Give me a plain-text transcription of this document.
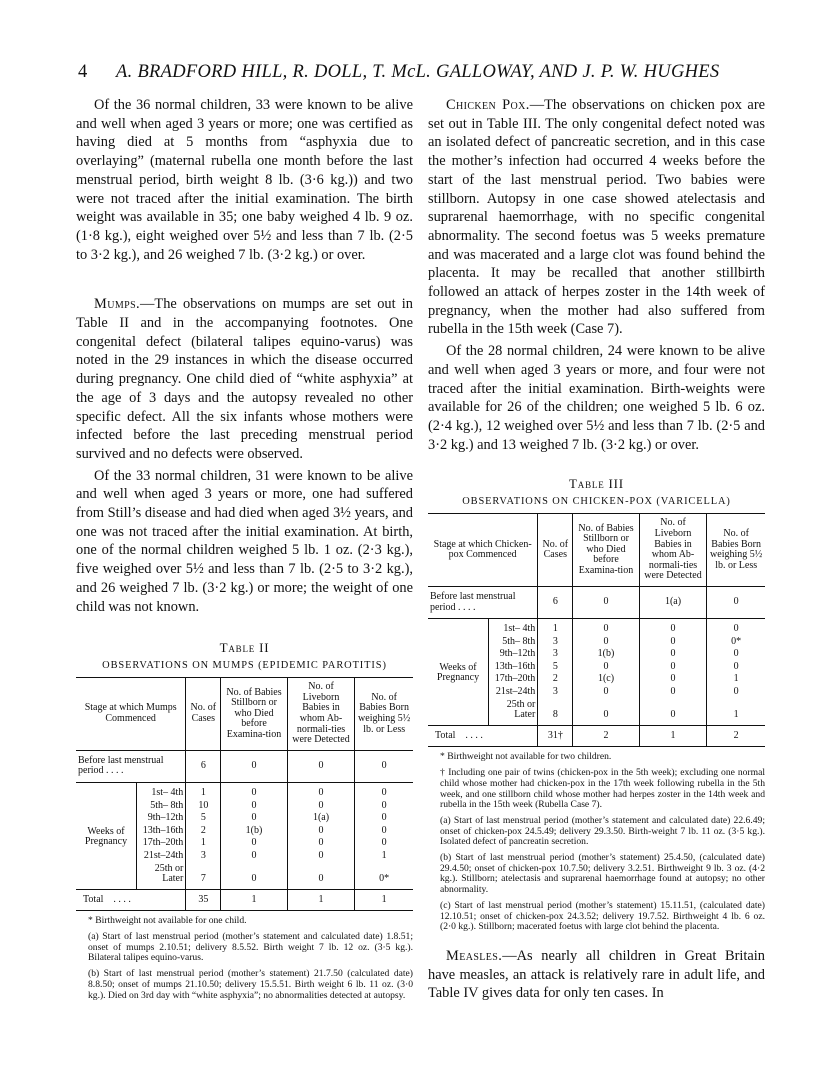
4 A. BRADFORD HILL, R. DOLL, T. McL. GALLOWAY, AND J. P. W. HUGHES

Of the 36 normal children, 33 were known to be alive and well when aged 3 years or more; one was certified as having died at 5 months from “asphyxia due to overlaying” (maternal rubella one month before the last menstrual period, birth weight 8 lb. (3·6 kg.)) and two were not traced after the initial examination. The birth weight was available in 35; one baby weighed 4 lb. 9 oz. (1·8 kg.), eight weighed over 5½ and less than 7 lb. (2·5 to 3·2 kg.), and 26 weighed 7 lb. (3·2 kg.) or over.

Mumps.—The observations on mumps are set out in Table II and in the accompanying footnotes. One congenital defect (bilateral talipes equino-varus) was noted in the 29 instances in which the disease occurred during pregnancy. One child died of “white asphyxia” at the age of 3 days and the autopsy revealed no other specific defect. All the six infants whose mothers were infected before the last preceding menstrual period survived and no defects were observed.

Of the 33 normal children, 31 were known to be alive and well when aged 3 years or more, one had suffered from Still’s disease and had died when aged 3½ years, and one was not traced after the initial examination. At birth, one of the normal children weighed 5 lb. 1 oz. (2·3 kg.), five weighed over 5½ and less than 7 lb. (2·5 to 3·2 kg.), and 26 weighed 7 lb. (3·2 kg.) or more; the weight of one child was not known.

Table II

OBSERVATIONS ON MUMPS (EPIDEMIC PAROTITIS)

Stage at which Mumps Commenced		No. of Cases	No. of Babies Stillborn or who Died before Examina-tion	No. of Liveborn Babies in whom Ab-normali-ties were Detected	No. of Babies Born weighing 5½ lb. or Less
Before last menstrual period . . . .		6	0	0	0
Weeks of Pregnancy	1st– 4th	1	0	0	0
	5th– 8th	10	0	0	0
	9th–12th	5	0	1(a)	0
	13th–16th	2	1(b)	0	0
	17th–20th	1	0	0	0
	21st–24th	3	0	0	1
	25th or Later	7	0	0	0*
Total . . . .		35	1	1	1

* Birthweight not available for one child.

(a) Start of last menstrual period (mother’s statement and calculated date) 1.8.51; onset of mumps 2.10.51; delivery 8.5.52. Birth weight 7 lb. 12 oz. (3·5 kg.). Bilateral talipes equino-varus.

(b) Start of last menstrual period (mother’s statement) 21.7.50 (calculated date) 8.8.50; onset of mumps 21.10.50; delivery 15.5.51. Birth weight 6 lb. 11 oz. (3·0 kg.). Died on 3rd day with “white asphyxia”; no abnormalities detected at autopsy.

Chicken Pox.—The observations on chicken pox are set out in Table III. The only congenital defect noted was an isolated defect of pancreatic secretion, and in this case the mother’s infection had occurred 4 weeks before the start of the last menstrual period. Two babies were stillborn. Autopsy in one case showed atelectasis and suprarenal haemorrhage, with no specific congenital abnormality. The second foetus was 5 weeks premature and was macerated and a large clot was found behind the placenta. It may be recalled that another stillbirth followed an attack of herpes zoster in the 14th week of pregnancy, when the mother had also suffered from rubella in the 15th week (Case 7).

Of the 28 normal children, 24 were known to be alive and well when aged 3 years or more, and four were not traced after the initial examination. Birth-weights were available for 26 of the children; one weighed 5 lb. 6 oz. (2·4 kg.), 12 weighed over 5½ and less than 7 lb. (2·5 and 3·2 kg.) and 13 weighed 7 lb. (3·2 kg.) or over.

Table III

OBSERVATIONS ON CHICKEN-POX (VARICELLA)

Stage at which Chicken-pox Commenced		No. of Cases	No. of Babies Stillborn or who Died before Examina-tion	No. of Liveborn Babies in whom Ab-normali-ties were Detected	No. of Babies Born weighing 5½ lb. or Less
Before last menstrual period . . . .		6	0	1(a)	0
Weeks of Pregnancy	1st– 4th	1	0	0	0
	5th– 8th	3	0	0	0*
	9th–12th	3	1(b)	0	0
	13th–16th	5	0	0	0
	17th–20th	2	1(c)	0	1
	21st–24th	3	0	0	0
	25th or Later	8	0	0	1
Total . . . .		31†	2	1	2

* Birthweight not available for two children.

† Including one pair of twins (chicken-pox in the 5th week); excluding one normal child whose mother had chicken-pox in the 17th week following rubella in the 5th week, and one stillborn child whose mother had herpes zoster in the 14th week and rubella in the 15th week (Rubella Case 7).

(a) Start of last menstrual period (mother’s statement and calculated date) 22.6.49; onset of chicken-pox 24.5.49; delivery 29.3.50. Birth-weight 7 lb. 11 oz. (3·5 kg.). Isolated defect of pancreatin secretion.

(b) Start of last menstrual period (mother’s statement) 25.4.50, (calculated date) 29.4.50; onset of chicken-pox 10.7.50; delivery 3.2.51. Birthweight 9 lb. 3 oz. (4·2 kg.). Stillborn; atelectasis and suprarenal haemorrhage found at autopsy; no other abnormality.

(c) Start of last menstrual period (mother’s statement) 15.11.51, (calculated date) 12.10.51; onset of chicken-pox 24.3.52; delivery 19.7.52. Birthweight 4 lb. 6 oz. (2·0 kg.). Stillborn; macerated foetus with large clot behind the placenta.

Measles.—As nearly all children in Great Britain have measles, an attack is relatively rare in adult life, and Table IV gives data for only ten cases. In
